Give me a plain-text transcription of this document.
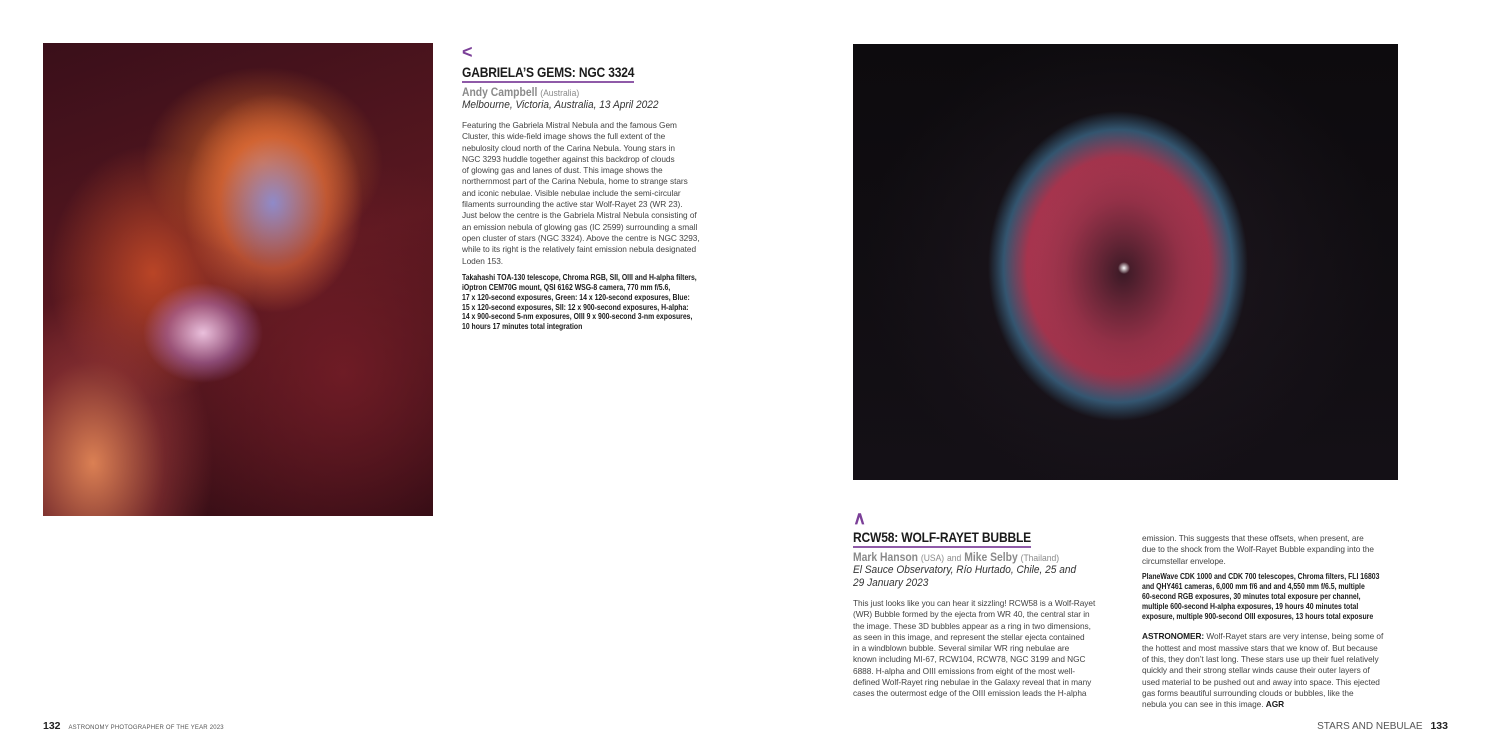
<
GABRIELA’S GEMS: NGC 3324
Andy Campbell (Australia)
Melbourne, Victoria, Australia, 13 April 2022
Featuring the Gabriela Mistral Nebula and the famous Gem
Cluster, this wide-field image shows the full extent of the
nebulosity cloud north of the Carina Nebula. Young stars in
NGC 3293 huddle together against this backdrop of clouds
of glowing gas and lanes of dust. This image shows the
northernmost part of the Carina Nebula, home to strange stars
and iconic nebulae. Visible nebulae include the semi-circular
filaments surrounding the active star Wolf-Rayet 23 (WR 23).
Just below the centre is the Gabriela Mistral Nebula consisting of
an emission nebula of glowing gas (IC 2599) surrounding a small
open cluster of stars (NGC 3324). Above the centre is NGC 3293,
while to its right is the relatively faint emission nebula designated
Loden 153.
Takahashi TOA-130 telescope, Chroma RGB, SII, OIII and H-alpha filters,
iOptron CEM70G mount, QSI 6162 WSG-8 camera, 770 mm f/5.6,
17 x 120-second exposures, Green: 14 x 120-second exposures, Blue:
15 x 120-second exposures, SII: 12 x 900-second exposures, H-alpha:
14 x 900-second 5-nm exposures, OIII 9 x 900-second 3-nm exposures,
10 hours 17 minutes total integration
132 ASTRONOMY PHOTOGRAPHER OF THE YEAR 2023
∧
RCW58: WOLF-RAYET BUBBLE
Mark Hanson (USA) and Mike Selby (Thailand)
El Sauce Observatory, Río Hurtado, Chile, 25 and
29 January 2023
This just looks like you can hear it sizzling! RCW58 is a Wolf-Rayet
(WR) Bubble formed by the ejecta from WR 40, the central star in
the image. These 3D bubbles appear as a ring in two dimensions,
as seen in this image, and represent the stellar ejecta contained
in a windblown bubble. Several similar WR ring nebulae are
known including MI-67, RCW104, RCW78, NGC 3199 and NGC
6888. H-alpha and OIII emissions from eight of the most well-
defined Wolf-Rayet ring nebulae in the Galaxy reveal that in many
cases the outermost edge of the OIII emission leads the H-alpha
emission. This suggests that these offsets, when present, are
due to the shock from the Wolf-Rayet Bubble expanding into the
circumstellar envelope.
PlaneWave CDK 1000 and CDK 700 telescopes, Chroma filters, FLI 16803
and QHY461 cameras, 6,000 mm f/6 and and 4,550 mm f/6.5, multiple
60-second RGB exposures, 30 minutes total exposure per channel,
multiple 600-second H-alpha exposures, 19 hours 40 minutes total
exposure, multiple 900-second OIII exposures, 13 hours total exposure
ASTRONOMER: Wolf-Rayet stars are very intense, being some of
the hottest and most massive stars that we know of. But because
of this, they don’t last long. These stars use up their fuel relatively
quickly and their strong stellar winds cause their outer layers of
used material to be pushed out and away into space. This ejected
gas forms beautiful surrounding clouds or bubbles, like the
nebula you can see in this image. AGR
STARS AND NEBULAE 133
